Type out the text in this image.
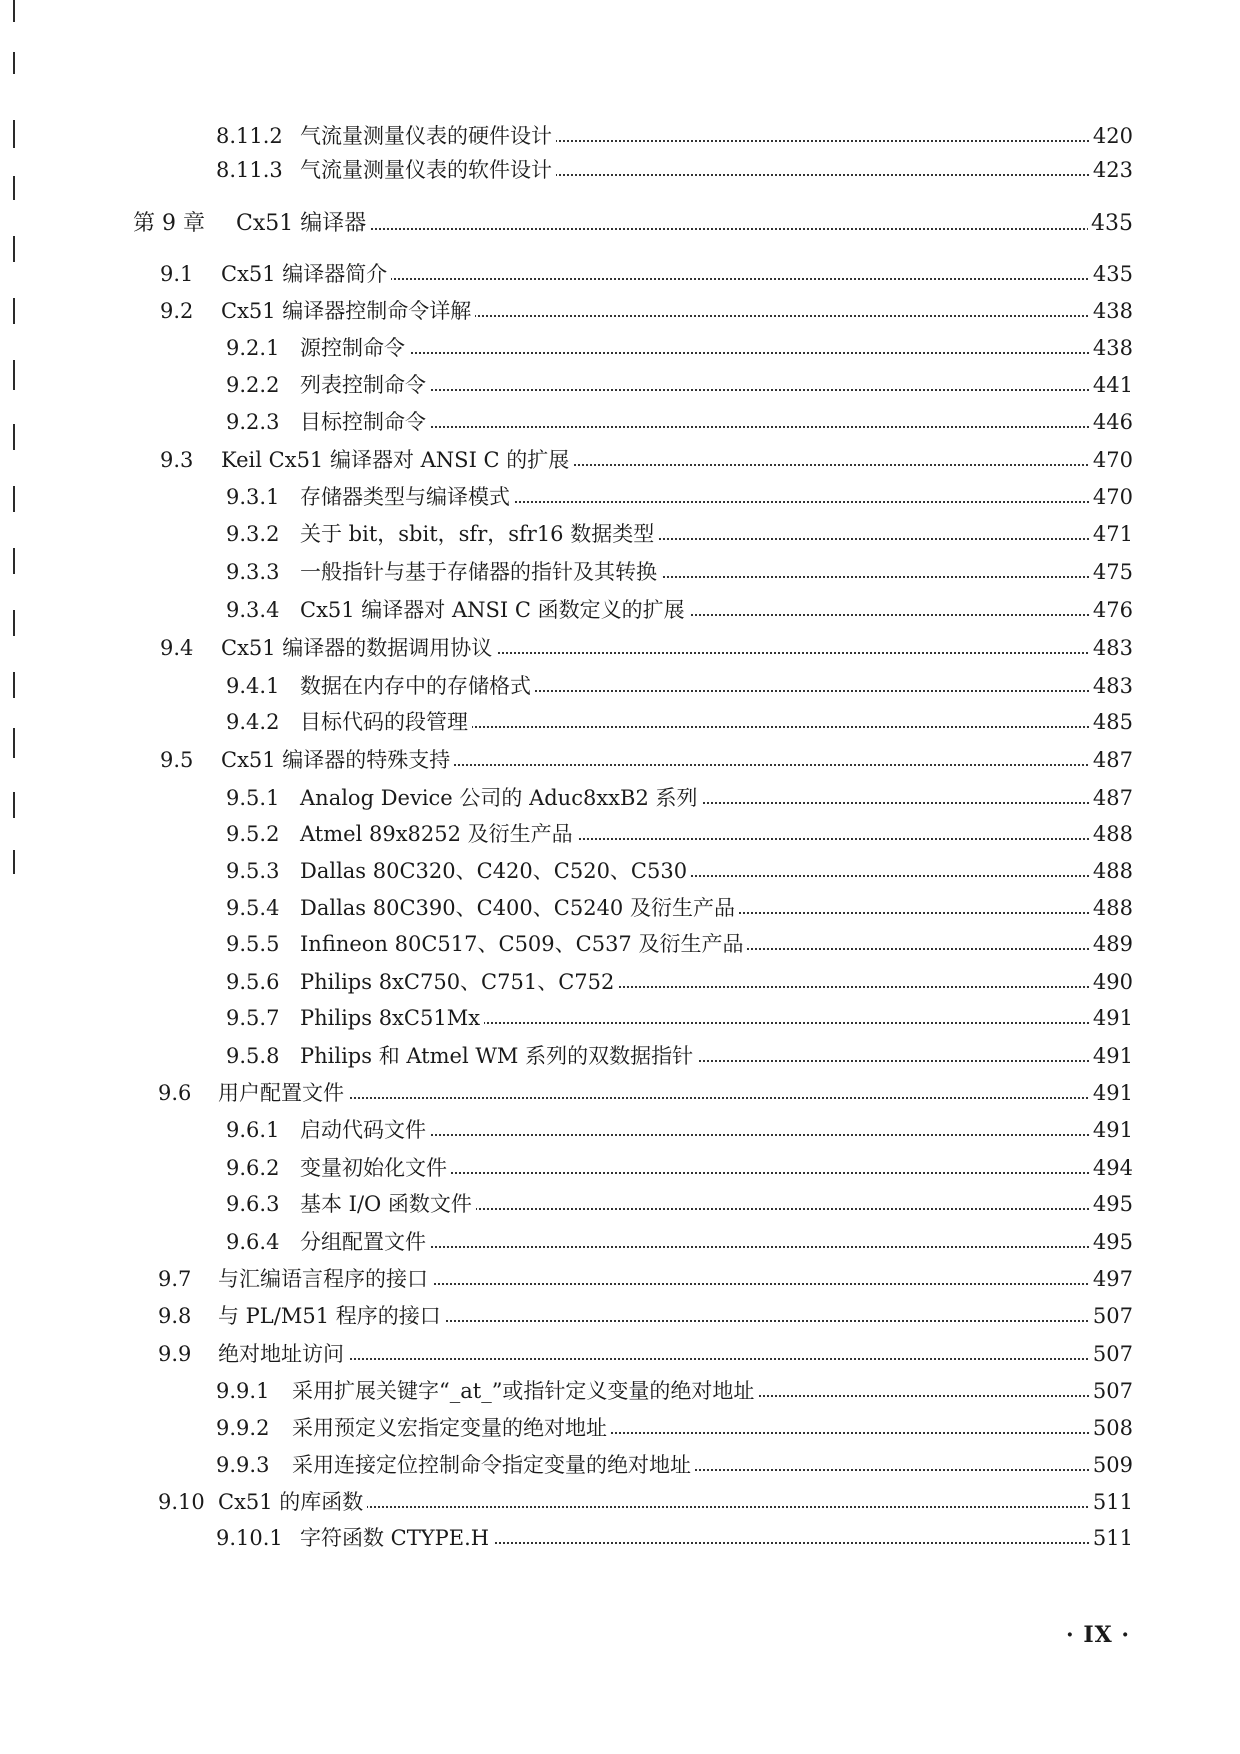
8.11.2 气流量测量仪表的硬件设计	420
8.11.3 气流量测量仪表的软件设计	423
第 9 章 Cx51 编译器	435
9.1 Cx51 编译器简介	435
9.2 Cx51 编译器控制命令详解	438
9.2.1 源控制命令	438
9.2.2 列表控制命令	441
9.2.3 目标控制命令	446
9.3 Keil Cx51 编译器对 ANSI C 的扩展	470
9.3.1 存储器类型与编译模式	470
9.3.2 关于 bit，sbit，sfr，sfr16 数据类型	471
9.3.3 一般指针与基于存储器的指针及其转换	475
9.3.4 Cx51 编译器对 ANSI C 函数定义的扩展	476
9.4 Cx51 编译器的数据调用协议	483
9.4.1 数据在内存中的存储格式	483
9.4.2 目标代码的段管理	485
9.5 Cx51 编译器的特殊支持	487
9.5.1 Analog Device 公司的 Aduc8xxB2 系列	487
9.5.2 Atmel 89x8252 及衍生产品	488
9.5.3 Dallas 80C320、C420、C520、C530	488
9.5.4 Dallas 80C390、C400、C5240 及衍生产品	488
9.5.5 Infineon 80C517、C509、C537 及衍生产品	489
9.5.6 Philips 8xC750、C751、C752	490
9.5.7 Philips 8xC51Mx	491
9.5.8 Philips 和 Atmel WM 系列的双数据指针	491
9.6 用户配置文件	491
9.6.1 启动代码文件	491
9.6.2 变量初始化文件	494
9.6.3 基本 I/O 函数文件	495
9.6.4 分组配置文件	495
9.7 与汇编语言程序的接口	497
9.8 与 PL/M51 程序的接口	507
9.9 绝对地址访问	507
9.9.1 采用扩展关键字“_at_”或指针定义变量的绝对地址	507
9.9.2 采用预定义宏指定变量的绝对地址	508
9.9.3 采用连接定位控制命令指定变量的绝对地址	509
9.10 Cx51 的库函数	511
9.10.1 字符函数 CTYPE.H	511
· IX ·
